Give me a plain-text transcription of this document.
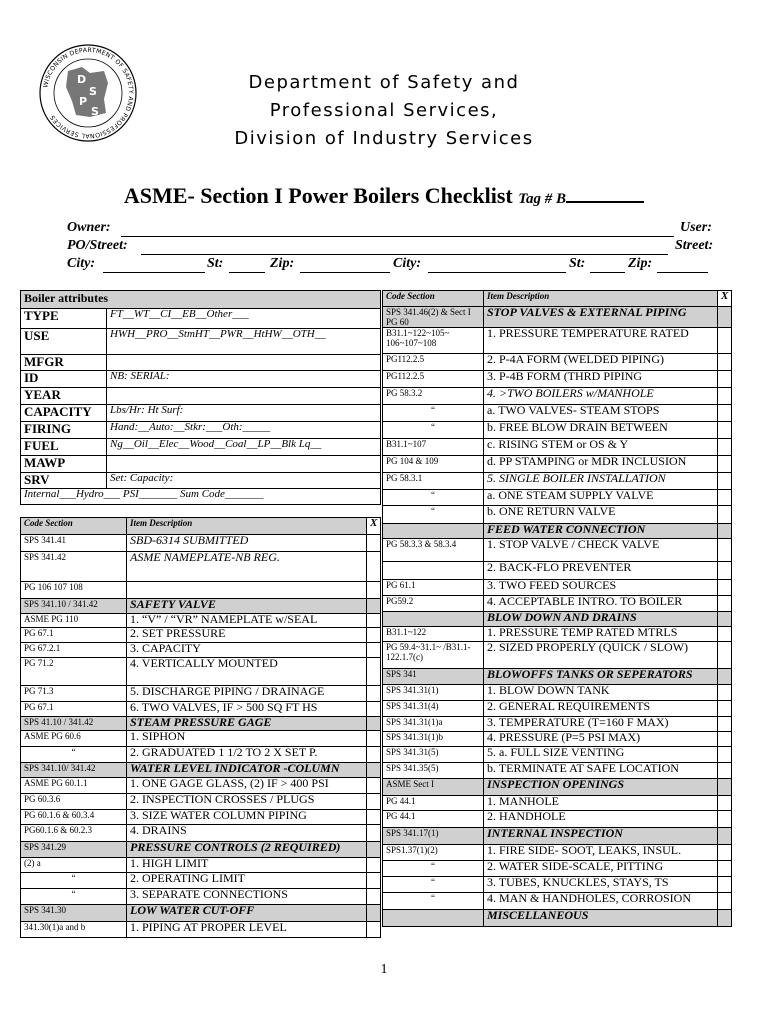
WISCONSIN DEPARTMENT OF SAFETY AND PROFESSIONAL SERVICES
D
S
P
S
Department of Safety and
Professional Services,
Division of Industry Services
ASME- Section I Power Boilers Checklist Tag # B
Owner:	User:
PO/Street:	Street:
City:	St:	Zip:	City:	St:	Zip:
Boiler attributes	
TYPE	FT__WT__CI__EB__Other___
USE	HWH__PRO__StmHT__PWR__HtHW__OTH__
MFGR	
ID	NB: SERIAL:
YEAR	
CAPACITY	Lbs/Hr: Ht Surf:
FIRING	Hand:__Auto:__Stkr:___Oth:_____
FUEL	Ng__Oil__Elec__Wood__Coal__LP__Blk Lq__
MAWP	
SRV	Set: Capacity:
Internal___Hydro___ PSI_______ Sum Code_______	
Code Section	Item Description	X
SPS 341.41	SBD-6314 SUBMITTED	
SPS 341.42	ASME NAMEPLATE-NB REG.	
PG 106 107 108		
SPS 341.10 / 341.42	SAFETY VALVE	
ASME PG 110	1. “V” / “VR” NAMEPLATE w/SEAL	
PG 67.1	2. SET PRESSURE	
PG 67.2.1	3. CAPACITY	
PG 71.2	4. VERTICALLY MOUNTED	
PG 71.3	5. DISCHARGE PIPING / DRAINAGE	
PG 67.1	6. TWO VALVES, IF > 500 SQ FT HS	
SPS 41.10 / 341.42	STEAM PRESSURE GAGE	
ASME PG 60.6	1. SIPHON	
“	2. GRADUATED 1 1/2 TO 2 X SET P.	
SPS 341.10/ 341.42	WATER LEVEL INDICATOR -COLUMN	
ASME PG 60.1.1	1. ONE GAGE GLASS, (2) IF > 400 PSI	
PG 60.3.6	2. INSPECTION CROSSES / PLUGS	
PG 60.1.6 & 60.3.4	3. SIZE WATER COLUMN PIPING	
PG60.1.6 & 60.2.3	4. DRAINS	
SPS 341.29	PRESSURE CONTROLS (2 REQUIRED)	
(2) a	1. HIGH LIMIT	
“	2. OPERATING LIMIT	
“	3. SEPARATE CONNECTIONS	
SPS 341.30	LOW WATER CUT-OFF	
341.30(1)a and b	1. PIPING AT PROPER LEVEL	
Code Section	Item Description	X
SPS 341.46(2) & Sect I PG 60	STOP VALVES & EXTERNAL PIPING	
B31.1~122~105~ 106~107~108	1. PRESSURE TEMPERATURE RATED	
PG112.2.5	2. P-4A FORM (WELDED PIPING)	
PG112.2.5	3. P-4B FORM (THRD PIPING	
PG 58.3.2	4. >TWO BOILERS w/MANHOLE	
“	a. TWO VALVES- STEAM STOPS	
“	b. FREE BLOW DRAIN BETWEEN	
B31.1~107	c. RISING STEM or OS & Y	
PG 104 & 109	d. PP STAMPING or MDR INCLUSION	
PG 58.3.1	5. SINGLE BOILER INSTALLATION	
“	a. ONE STEAM SUPPLY VALVE	
“	b. ONE RETURN VALVE	
	FEED WATER CONNECTION	
PG 58.3.3 & 58.3.4	1. STOP VALVE / CHECK VALVE	
	2. BACK-FLO PREVENTER	
PG 61.1	3. TWO FEED SOURCES	
PG59.2	4. ACCEPTABLE INTRO. TO BOILER	
	BLOW DOWN AND DRAINS	
B31.1~122	1. PRESSURE TEMP RATED MTRLS	
PG 59.4~31.1~ /B31.1-122.1.7(c)	2. SIZED PROPERLY (QUICK / SLOW)	
SPS 341	BLOWOFFS TANKS OR SEPERATORS	
SPS 341.31(1)	1. BLOW DOWN TANK	
SPS 341.31(4)	2. GENERAL REQUIREMENTS	
SPS 341.31(1)a	3. TEMPERATURE (T=160 F MAX)	
SPS 341.31(1)b	4. PRESSURE (P=5 PSI MAX)	
SPS 341.31(5)	5. a. FULL SIZE VENTING	
SPS 341.35(5)	b. TERMINATE AT SAFE LOCATION	
ASME Sect I	INSPECTION OPENINGS	
PG 44.1	1. MANHOLE	
PG 44.1	2. HANDHOLE	
SPS 341.17(1)	INTERNAL INSPECTION	
SPS1.37(1)(2)	1. FIRE SIDE- SOOT, LEAKS, INSUL.	
“	2. WATER SIDE-SCALE, PITTING	
“	3. TUBES, KNUCKLES, STAYS, TS	
“	4. MAN & HANDHOLES, CORROSION	
	MISCELLANEOUS	
1
